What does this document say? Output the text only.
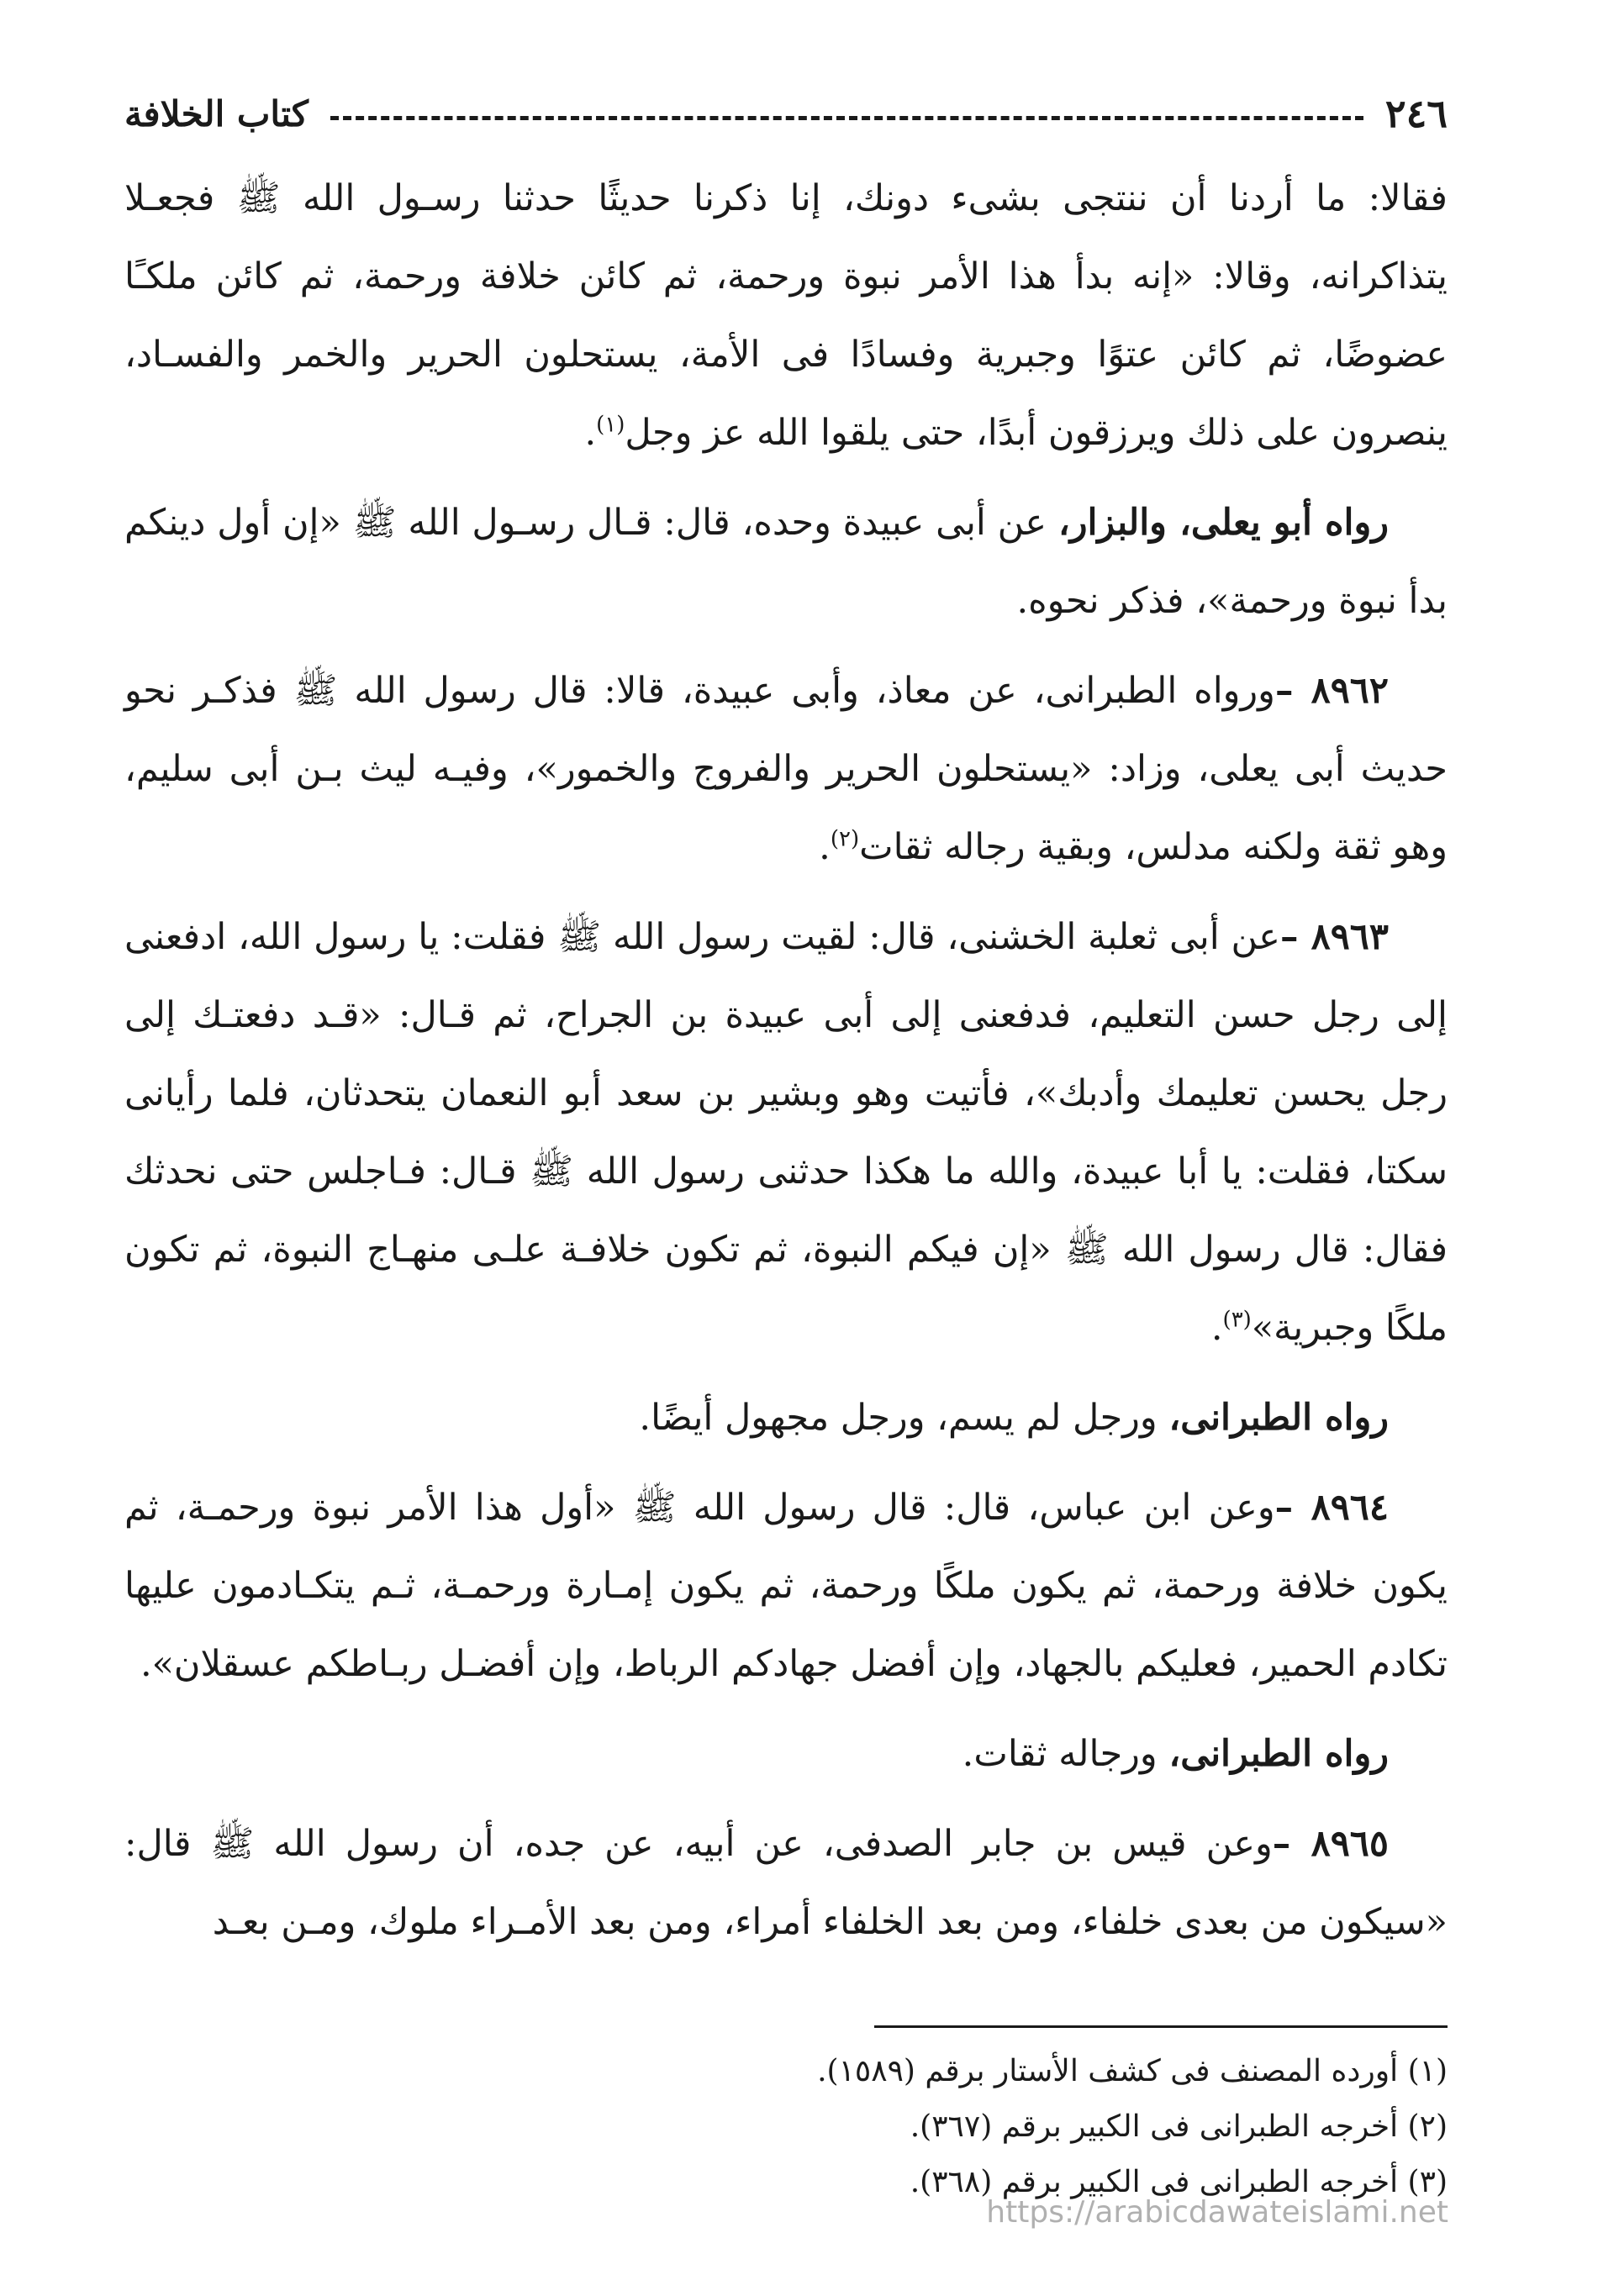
٢٤٦
كتاب الخلافة

فقالا: ما أردنا أن ننتجى بشىء دونك، إنا ذكرنا حديثًا حدثنا رسـول الله ﷺ فجعـلا يتذاكرانه، وقالا: «إنه بدأ هذا الأمر نبوة ورحمة، ثم كائن خلافة ورحمة، ثم كائن ملكـًا عضوضًا، ثم كائن عتوًا وجبرية وفسادًا فى الأمة، يستحلون الحرير والخمر والفسـاد، ينصرون على ذلك ويرزقون أبدًا، حتى يلقوا الله عز وجل$^{(١)}$.

رواه أبو يعلى، والبزار، عن أبى عبيدة وحده، قال: قـال رسـول الله ﷺ «إن أول دينكم بدأ نبوة ورحمة»، فذكر نحوه.

٨٩٦٢ –ورواه الطبرانى، عن معاذ، وأبى عبيدة، قالا: قال رسول الله ﷺ فذكـر نحو حديث أبى يعلى، وزاد: «يستحلون الحرير والفروج والخمور»، وفيـه ليث بـن أبى سليم، وهو ثقة ولكنه مدلس، وبقية رجاله ثقات$^{(٢)}$.

٨٩٦٣ –عن أبى ثعلبة الخشنى، قال: لقيت رسول الله ﷺ فقلت: يا رسول الله، ادفعنى إلى رجل حسن التعليم، فدفعنى إلى أبى عبيدة بن الجراح، ثم قـال: «قـد دفعتـك إلى رجل يحسن تعليمك وأدبك»، فأتيت وهو وبشير بن سعد أبو النعمان يتحدثان، فلما رأيانى سكتا، فقلت: يا أبا عبيدة، والله ما هكذا حدثنى رسول الله ﷺ قـال: فـاجلس حتى نحدثك فقال: قال رسول الله ﷺ «إن فيكم النبوة، ثم تكون خلافـة علـى منهـاج النبوة، ثم تكون ملكًا وجبرية»$^{(٣)}$.

رواه الطبرانى، ورجل لم يسم، ورجل مجهول أيضًا.

٨٩٦٤ –وعن ابن عباس، قال: قال رسول الله ﷺ «أول هذا الأمر نبوة ورحمـة، ثم يكون خلافة ورحمة، ثم يكون ملكًا ورحمة، ثم يكون إمـارة ورحمـة، ثـم يتكـادمون عليها تكادم الحمير، فعليكم بالجهاد، وإن أفضل جهادكم الرباط، وإن أفضـل ربـاطكم عسقلان».

رواه الطبرانى، ورجاله ثقات.

٨٩٦٥ –وعن قيس بن جابر الصدفى، عن أبيه، عن جده، أن رسول الله ﷺ قال: «سيكون من بعدى خلفاء، ومن بعد الخلفاء أمراء، ومن بعد الأمـراء ملوك، ومـن بعـد

(١) أورده المصنف فى كشف الأستار برقم (١٥٨٩).

(٢) أخرجه الطبرانى فى الكبير برقم (٣٦٧).

(٣) أخرجه الطبرانى فى الكبير برقم (٣٦٨).

https://arabicdawateislami.net
